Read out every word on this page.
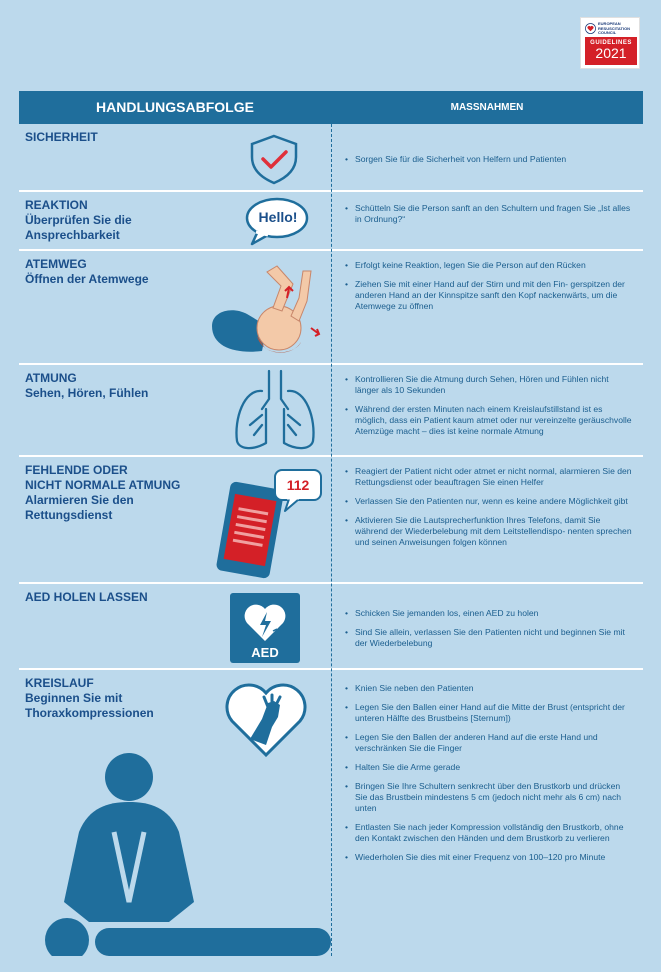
EUROPEAN
RESUSCITATION
COUNCIL
GUIDELINES
2021
HANDLUNGSABFOLGE	MASSNAHMEN
SICHERHEIT
• Sorgen Sie für die Sicherheit von Helfern und Patienten
REAKTION
Überprüfen Sie die
Ansprechbarkeit
Hello!
• Schütteln Sie die Person sanft an den Schultern und fragen Sie „Ist alles in Ordnung?“
ATEMWEG
Öffnen der Atemwege
• Erfolgt keine Reaktion, legen Sie die Person auf den Rücken
• Ziehen Sie mit einer Hand auf der Stirn und mit den Fin- gerspitzen der anderen Hand an der Kinnspitze sanft den Kopf nackenwärts, um die Atemwege zu öffnen
ATMUNG
Sehen, Hören, Fühlen
• Kontrollieren Sie die Atmung durch Sehen, Hören und Fühlen nicht länger als 10 Sekunden
• Während der ersten Minuten nach einem Kreislaufstillstand ist es möglich, dass ein Patient kaum atmet oder nur vereinzelte geräuschvolle Atemzüge macht – dies ist keine normale Atmung
FEHLENDE ODER
NICHT NORMALE ATMUNG
Alarmieren Sie den
Rettungsdienst
112
• Reagiert der Patient nicht oder atmet er nicht normal, alarmieren Sie den Rettungsdienst oder beauftragen Sie einen Helfer
• Verlassen Sie den Patienten nur, wenn es keine andere Möglichkeit gibt
• Aktivieren Sie die Lautsprecherfunktion Ihres Telefons, damit Sie während der Wiederbelebung mit dem Leitstellendispo- nenten sprechen und seinen Anweisungen folgen können
AED HOLEN LASSEN
AED
• Schicken Sie jemanden los, einen AED zu holen
• Sind Sie allein, verlassen Sie den Patienten nicht und beginnen Sie mit der Wiederbelebung
KREISLAUF
Beginnen Sie mit
Thoraxkompressionen
• Knien Sie neben den Patienten
• Legen Sie den Ballen einer Hand auf die Mitte der Brust (entspricht der unteren Hälfte des Brustbeins [Sternum])
• Legen Sie den Ballen der anderen Hand auf die erste Hand und verschränken Sie die Finger
• Halten Sie die Arme gerade
• Bringen Sie Ihre Schultern senkrecht über den Brustkorb und drücken Sie das Brustbein mindestens 5 cm (jedoch nicht mehr als 6 cm) nach unten
• Entlasten Sie nach jeder Kompression vollständig den Brustkorb, ohne den Kontakt zwischen den Händen und dem Brustkorb zu verlieren
• Wiederholen Sie dies mit einer Frequenz von 100–120 pro Minute
